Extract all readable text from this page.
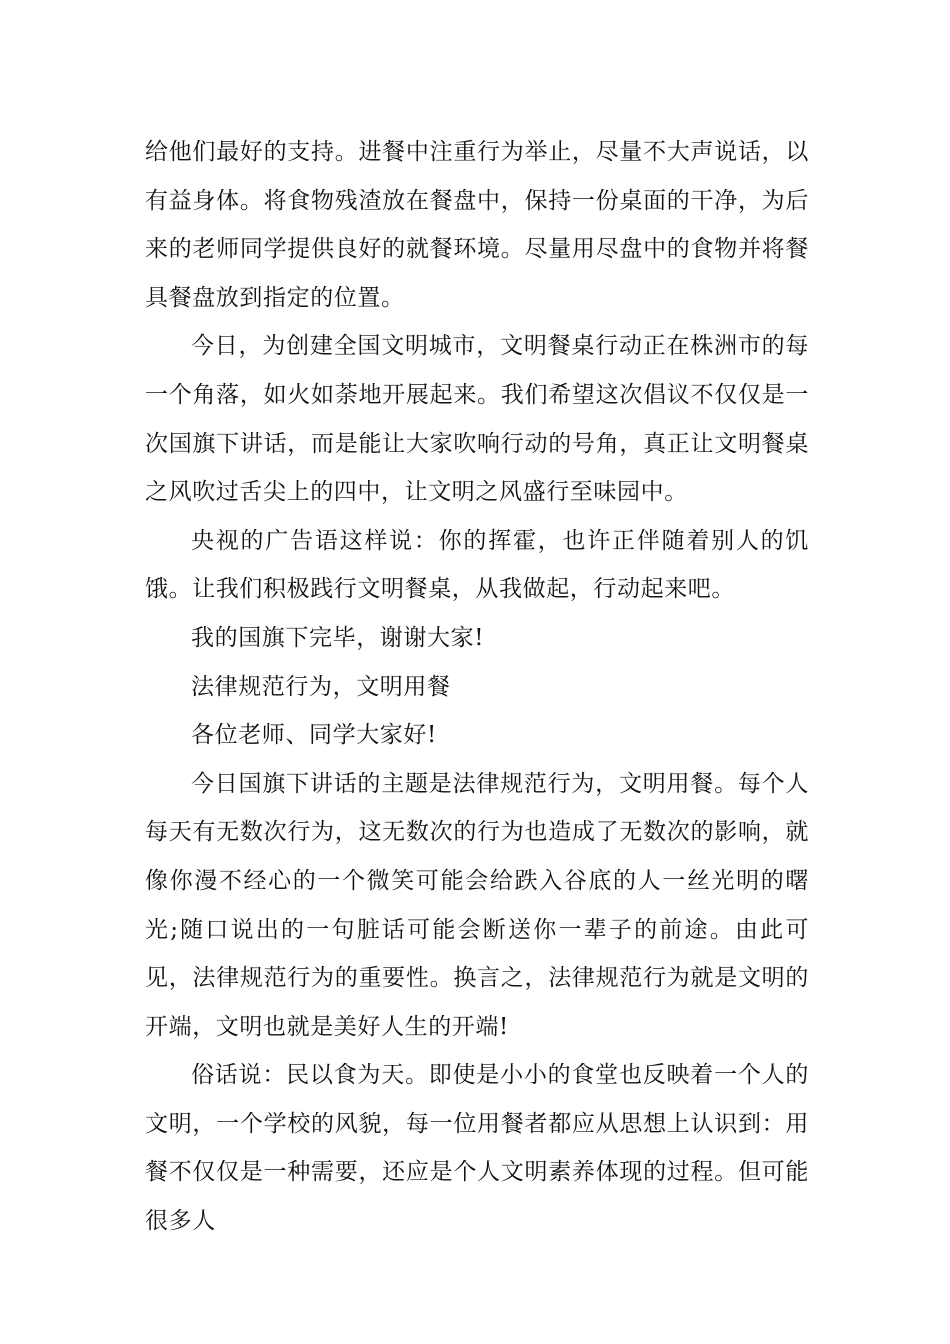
给他们最好的支持。进餐中注重行为举止，尽量不大声说话，以有益身体。将食物残渣放在餐盘中，保持一份桌面的干净，为后来的老师同学提供良好的就餐环境。尽量用尽盘中的食物并将餐具餐盘放到指定的位置。

今日，为创建全国文明城市，文明餐桌行动正在株洲市的每一个角落，如火如荼地开展起来。我们希望这次倡议不仅仅是一次国旗下讲话，而是能让大家吹响行动的号角，真正让文明餐桌之风吹过舌尖上的四中，让文明之风盛行至味园中。

央视的广告语这样说：你的挥霍，也许正伴随着别人的饥饿。让我们积极践行文明餐桌，从我做起，行动起来吧。

我的国旗下完毕，谢谢大家!

法律规范行为，文明用餐

各位老师、同学大家好!

今日国旗下讲话的主题是法律规范行为，文明用餐。每个人每天有无数次行为，这无数次的行为也造成了无数次的影响，就像你漫不经心的一个微笑可能会给跌入谷底的人一丝光明的曙光;随口说出的一句脏话可能会断送你一辈子的前途。由此可见，法律规范行为的重要性。换言之，法律规范行为就是文明的开端，文明也就是美好人生的开端!

俗话说：民以食为天。即使是小小的食堂也反映着一个人的文明，一个学校的风貌，每一位用餐者都应从思想上认识到：用餐不仅仅是一种需要，还应是个人文明素养体现的过程。但可能很多人
